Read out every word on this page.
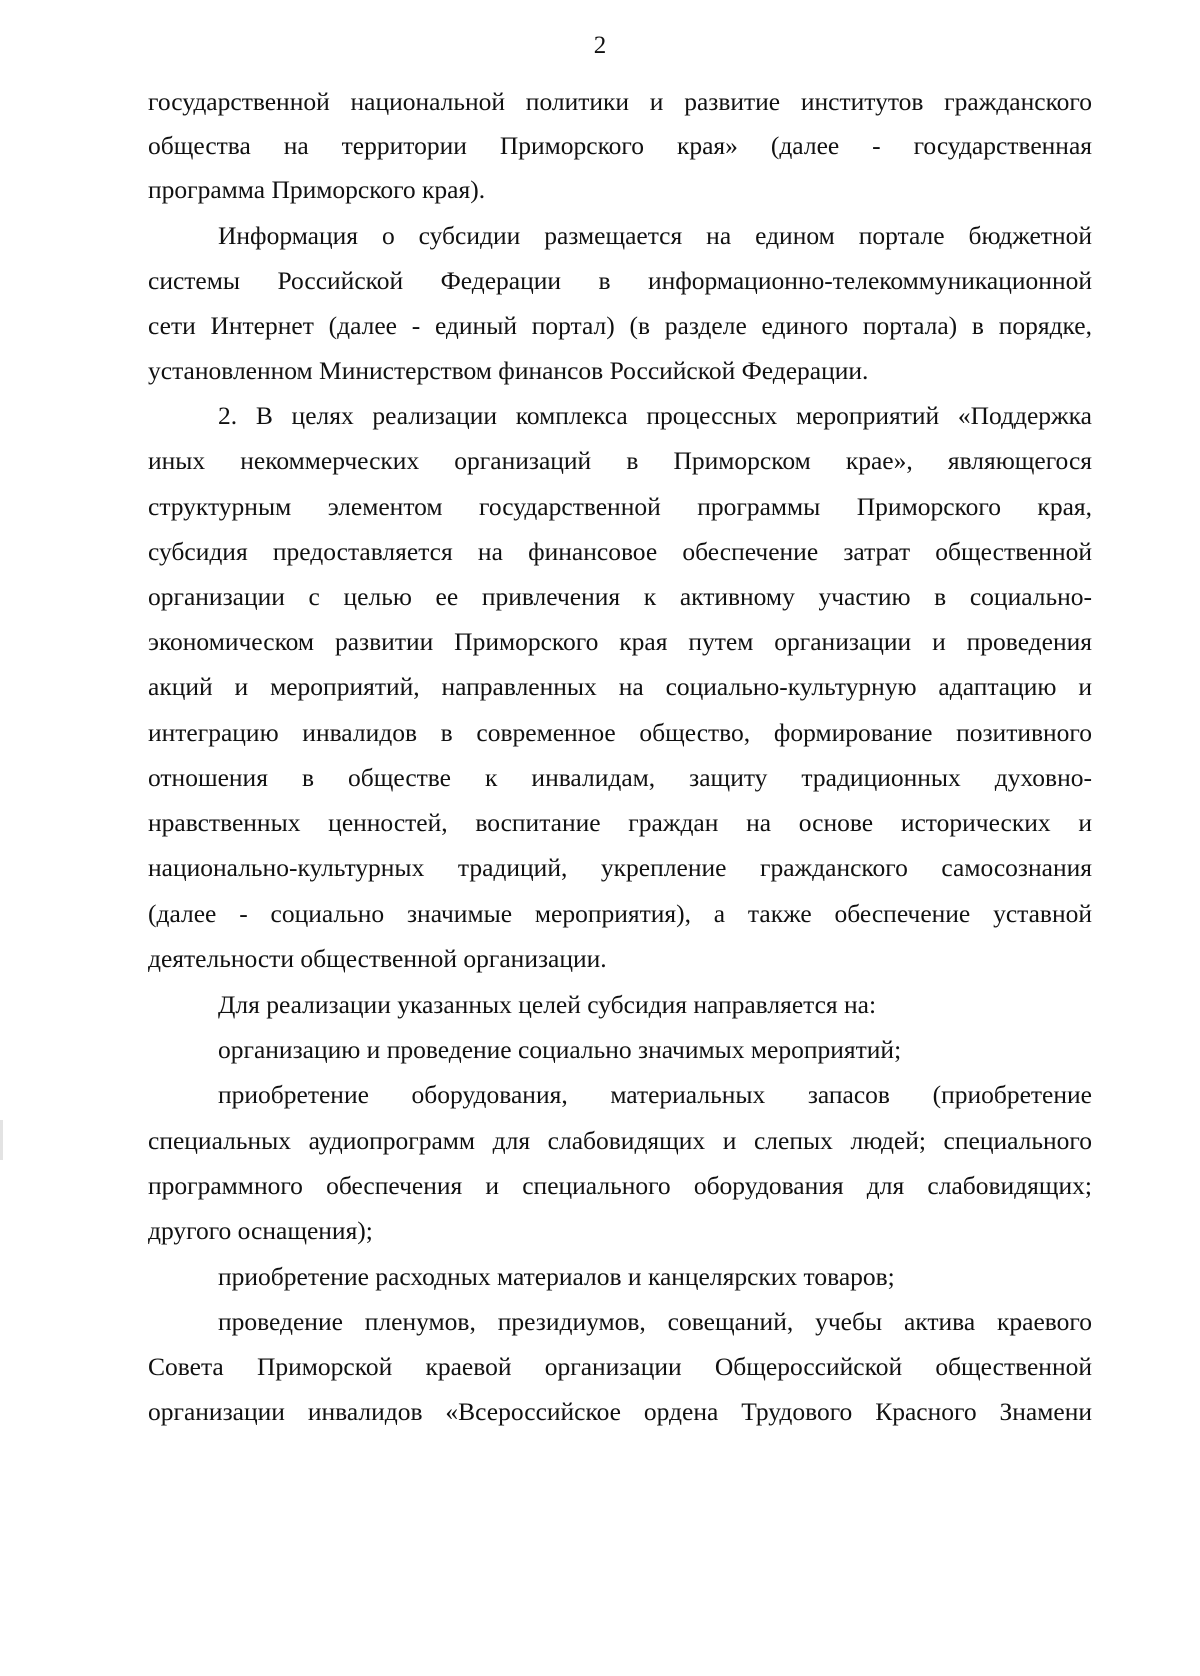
2
государственной национальной политики и развитие институтов гражданского
общества на территории Приморского края» (далее - государственная
программа Приморского края).
Информация о субсидии размещается на едином портале бюджетной
системы Российской Федерации в информационно-телекоммуникационной
сети Интернет (далее - единый портал) (в разделе единого портала) в порядке,
установленном Министерством финансов Российской Федерации.
2. В целях реализации комплекса процессных мероприятий «Поддержка
иных некоммерческих организаций в Приморском крае», являющегося
структурным элементом государственной программы Приморского края,
субсидия предоставляется на финансовое обеспечение затрат общественной
организации с целью ее привлечения к активному участию в социально-
экономическом развитии Приморского края путем организации и проведения
акций и мероприятий, направленных на социально-культурную адаптацию и
интеграцию инвалидов в современное общество, формирование позитивного
отношения в обществе к инвалидам, защиту традиционных духовно-
нравственных ценностей, воспитание граждан на основе исторических и
национально-культурных традиций, укрепление гражданского самосознания
(далее - социально значимые мероприятия), а также обеспечение уставной
деятельности общественной организации.
Для реализации указанных целей субсидия направляется на:
организацию и проведение социально значимых мероприятий;
приобретение оборудования, материальных запасов (приобретение
специальных аудиопрограмм для слабовидящих и слепых людей; специального
программного обеспечения и специального оборудования для слабовидящих;
другого оснащения);
приобретение расходных материалов и канцелярских товаров;
проведение пленумов, президиумов, совещаний, учебы актива краевого
Совета Приморской краевой организации Общероссийской общественной
организации инвалидов «Всероссийское ордена Трудового Красного Знамени
